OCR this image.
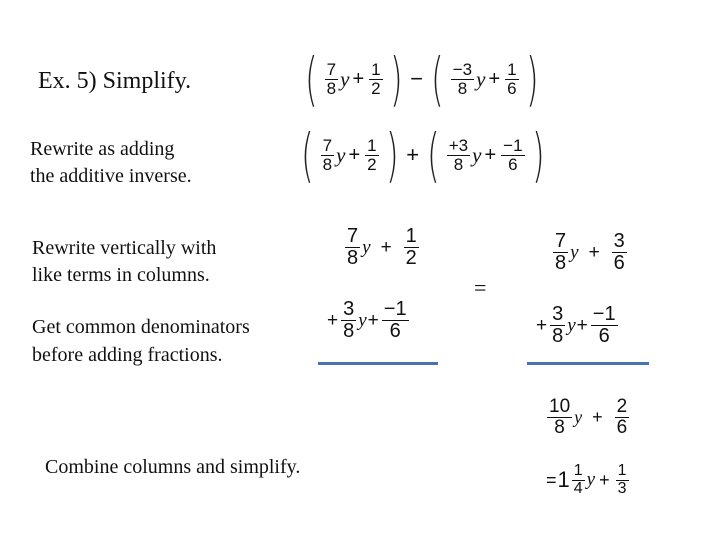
Ex. 5) Simplify. ( $\frac{7}{8}$ $y + \frac{1}{2}$ ) − ( $\frac{-3}{8}$ $y + \frac{1}{6}$ )
Rewrite as adding
the additive inverse. ( $\frac{7}{8}$ $y + \frac{1}{2}$ ) + ( $\frac{+3}{8}$ $y + \frac{-1}{6}$ )
Rewrite vertically with
like terms in columns.
$\frac{7}{8}$ $y + \frac{1}{2}$
=
$\frac{7}{8}$ $y + \frac{3}{6}$
Get common denominators
before adding fractions.
+ $\frac{3}{8}$ $y + \frac{-1}{6}$	+ $\frac{3}{8}$ $y + \frac{-1}{6}$
$\frac{10}{8}$ $y + \frac{2}{6}$
Combine columns and simplify.
= $1 \frac{1}{4}$ $y + \frac{1}{3}$
